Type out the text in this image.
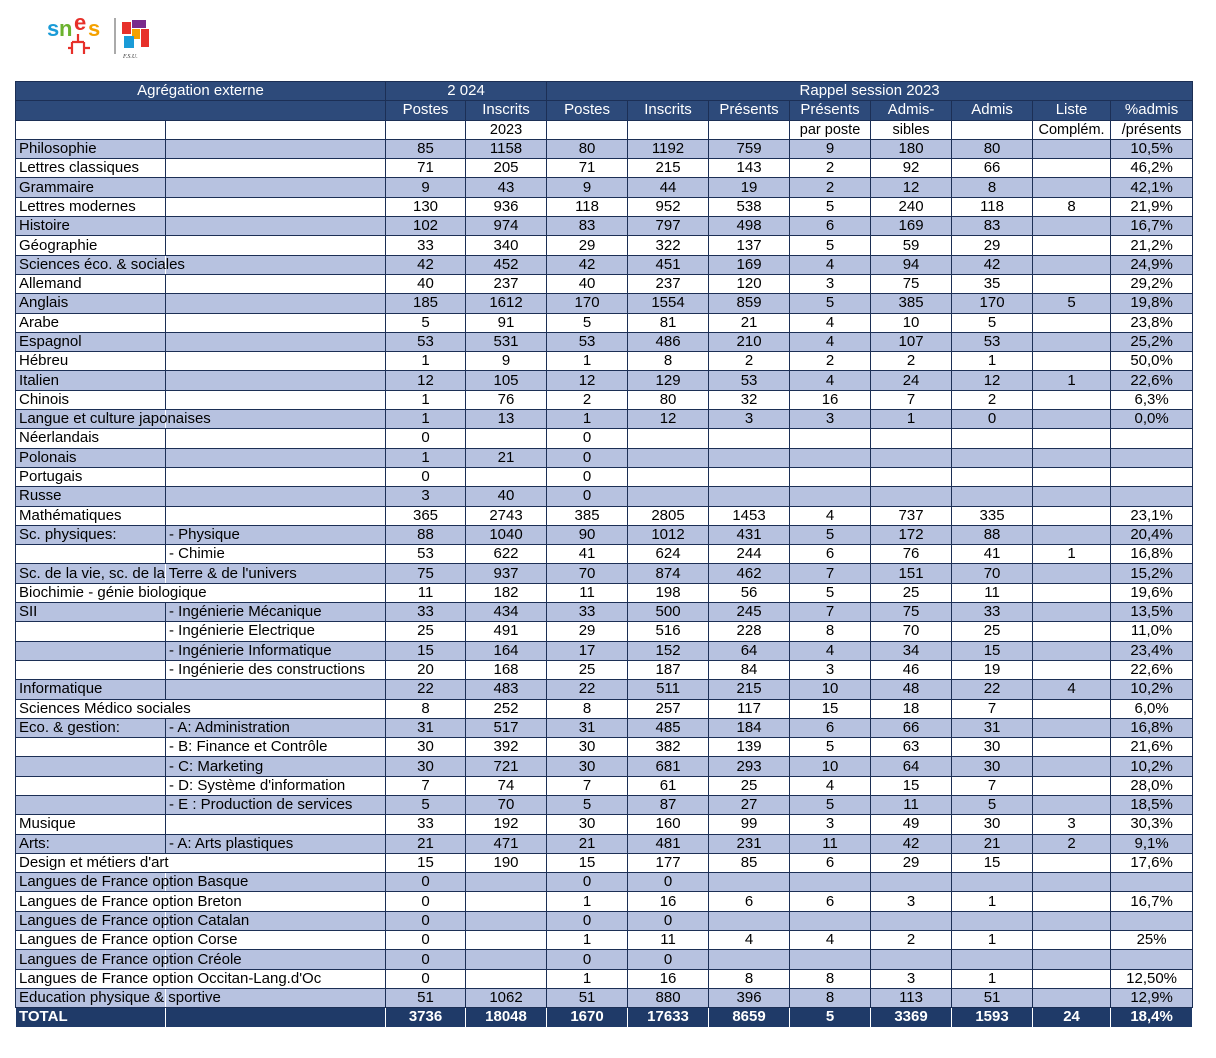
s n e s
F.S.U.
Agrégation externe		2 024		Rappel session 2023							
		Postes	Inscrits	Postes	Inscrits	Présents	Présents	Admis-	Admis	Liste	%admis
			2023				par poste	sibles		Complém.	/présents
Philosophie		85	1158	80	1192	759	9	180	80		10,5%
Lettres classiques		71	205	71	215	143	2	92	66		46,2%
Grammaire		9	43	9	44	19	2	12	8		42,1%
Lettres modernes		130	936	118	952	538	5	240	118	8	21,9%
Histoire		102	974	83	797	498	6	169	83		16,7%
Géographie		33	340	29	322	137	5	59	29		21,2%
Sciences éco. & sociales		42	452	42	451	169	4	94	42		24,9%
Allemand		40	237	40	237	120	3	75	35		29,2%
Anglais		185	1612	170	1554	859	5	385	170	5	19,8%
Arabe		5	91	5	81	21	4	10	5		23,8%
Espagnol		53	531	53	486	210	4	107	53		25,2%
Hébreu		1	9	1	8	2	2	2	1		50,0%
Italien		12	105	12	129	53	4	24	12	1	22,6%
Chinois		1	76	2	80	32	16	7	2		6,3%
Langue et culture japonaises		1	13	1	12	3	3	1	0		0,0%
Néerlandais		0		0							
Polonais		1	21	0							
Portugais		0		0							
Russe		3	40	0							
Mathématiques		365	2743	385	2805	1453	4	737	335		23,1%
Sc. physiques:	- Physique	88	1040	90	1012	431	5	172	88		20,4%
	- Chimie	53	622	41	624	244	6	76	41	1	16,8%
Sc. de la vie, sc. de la Terre & de l'univers		75	937	70	874	462	7	151	70		15,2%
Biochimie - génie biologique		11	182	11	198	56	5	25	11		19,6%
SII	- Ingénierie Mécanique	33	434	33	500	245	7	75	33		13,5%
	- Ingénierie Electrique	25	491	29	516	228	8	70	25		11,0%
	- Ingénierie Informatique	15	164	17	152	64	4	34	15		23,4%
	- Ingénierie des constructions	20	168	25	187	84	3	46	19		22,6%
Informatique		22	483	22	511	215	10	48	22	4	10,2%
Sciences Médico sociales		8	252	8	257	117	15	18	7		6,0%
Eco. & gestion:	- A: Administration	31	517	31	485	184	6	66	31		16,8%
	- B: Finance et Contrôle	30	392	30	382	139	5	63	30		21,6%
	- C: Marketing	30	721	30	681	293	10	64	30		10,2%
	- D: Système d'information	7	74	7	61	25	4	15	7		28,0%
	- E : Production de services	5	70	5	87	27	5	11	5		18,5%
Musique		33	192	30	160	99	3	49	30	3	30,3%
Arts:	- A: Arts plastiques	21	471	21	481	231	11	42	21	2	9,1%
Design et métiers d'art		15	190	15	177	85	6	29	15		17,6%
Langues de France option Basque		0		0	0						
Langues de France option Breton		0		1	16	6	6	3	1		16,7%
Langues de France option Catalan		0		0	0						
Langues de France option Corse		0		1	11	4	4	2	1		25%
Langues de France option Créole		0		0	0						
Langues de France option Occitan-Lang.d'Oc		0		1	16	8	8	3	1		12,50%
Education physique & sportive		51	1062	51	880	396	8	113	51		12,9%
TOTAL		3736	18048	1670	17633	8659	5	3369	1593	24	18,4%
